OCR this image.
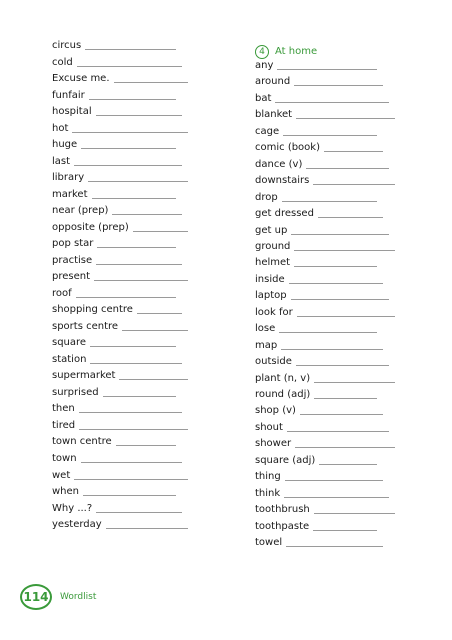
circus
cold
Excuse me.
funfair
hospital
hot
huge
last
library
market
near (prep)
opposite (prep)
pop star
practise
present
roof
shopping centre
sports centre
square
station
supermarket
surprised
then
tired
town centre
town
wet
when
Why ...?
yesterday
4	At home
any
around
bat
blanket
cage
comic (book)
dance (v)
downstairs
drop
get dressed
get up
ground
helmet
inside
laptop
look for
lose
map
outside
plant (n, v)
round (adj)
shop (v)
shout
shower
square (adj)
thing
think
toothbrush
toothpaste
towel
114	Wordlist
